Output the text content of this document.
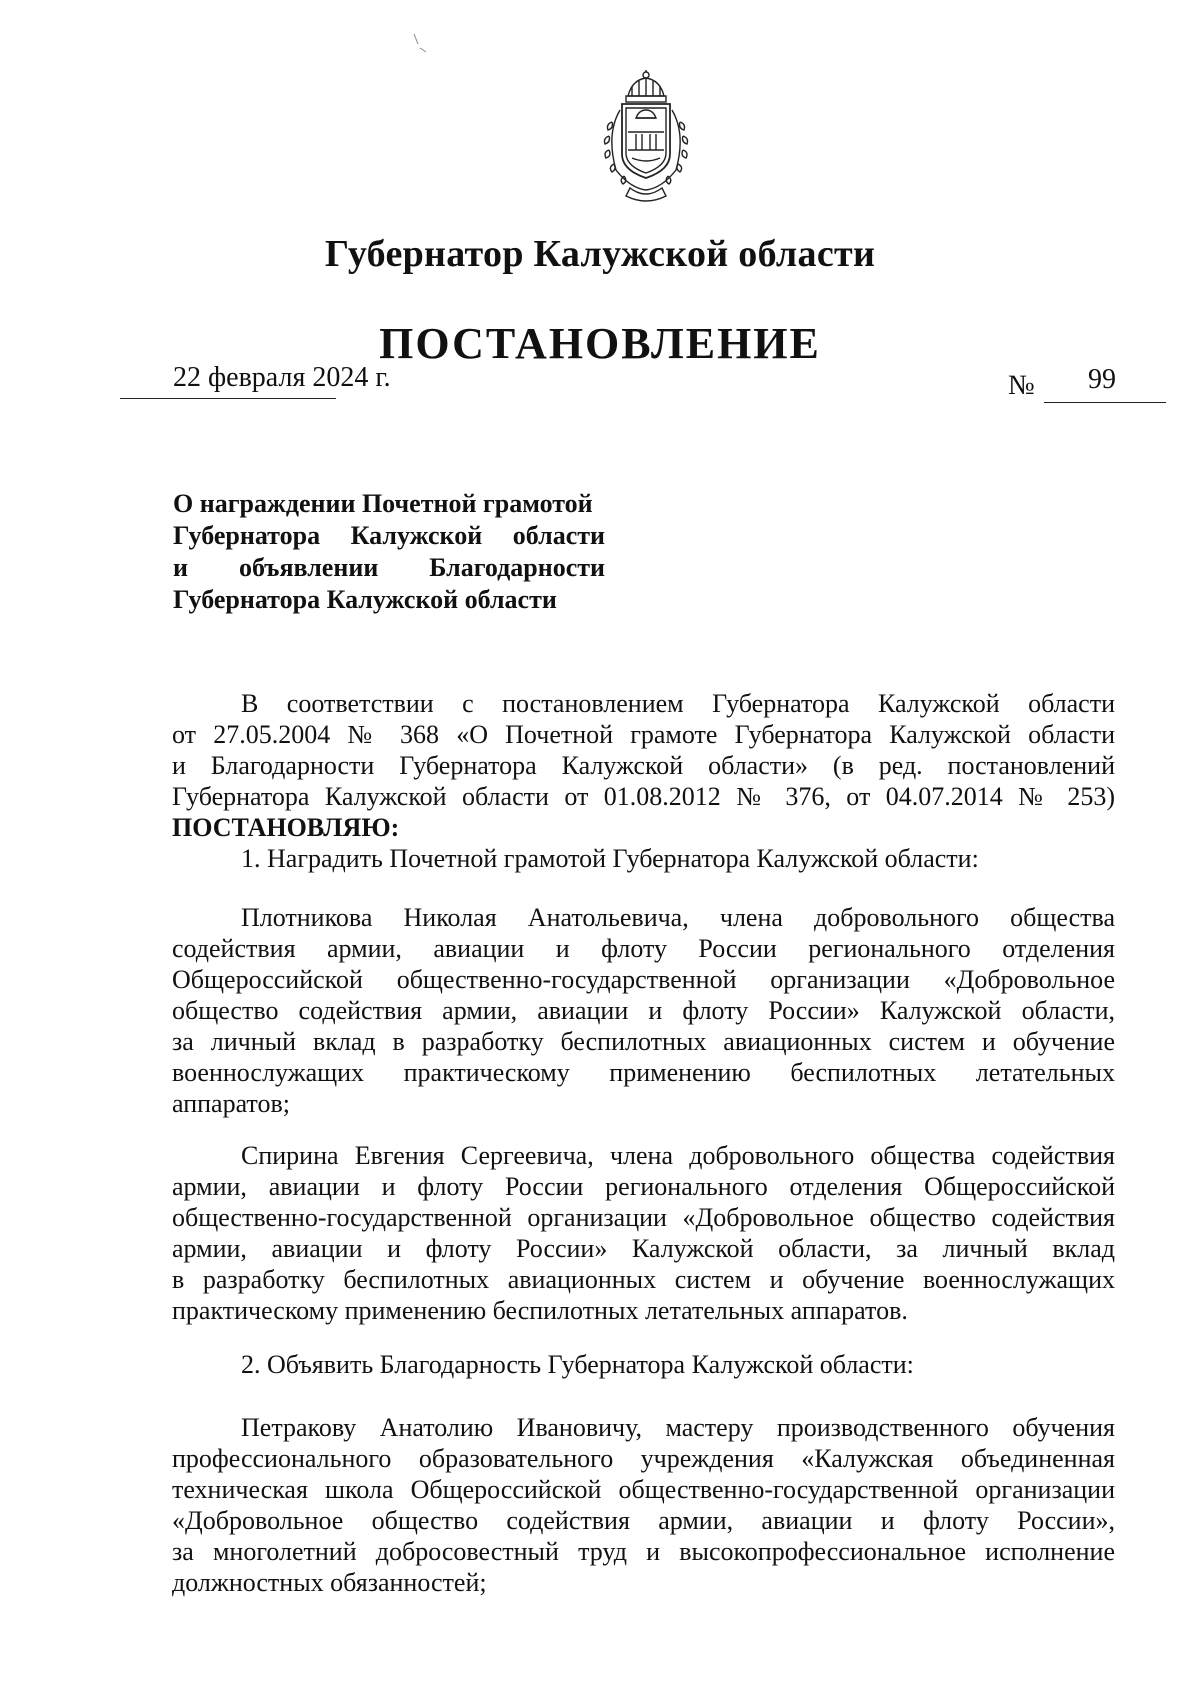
Губернатор Калужской области
ПОСТАНОВЛЕНИЕ
22 февраля 2024 г.	№ 99
О награждении Почетной грамотой
Губернатора Калужской области
и объявлении Благодарности
Губернатора Калужской области
В соответствии с постановлением Губернатора Калужской области
от 27.05.2004 № 368 «О Почетной грамоте Губернатора Калужской области
и Благодарности Губернатора Калужской области» (в ред. постановлений
Губернатора Калужской области от 01.08.2012 № 376, от 04.07.2014 № 253)
ПОСТАНОВЛЯЮ:
1. Наградить Почетной грамотой Губернатора Калужской области:
Плотникова Николая Анатольевича, члена добровольного общества
содействия армии, авиации и флоту России регионального отделения
Общероссийской общественно-государственной организации «Добровольное
общество содействия армии, авиации и флоту России» Калужской области,
за личный вклад в разработку беспилотных авиационных систем и обучение
военнослужащих практическому применению беспилотных летательных
аппаратов;
Спирина Евгения Сергеевича, члена добровольного общества содействия
армии, авиации и флоту России регионального отделения Общероссийской
общественно-государственной организации «Добровольное общество содействия
армии, авиации и флоту России» Калужской области, за личный вклад
в разработку беспилотных авиационных систем и обучение военнослужащих
практическому применению беспилотных летательных аппаратов.
2. Объявить Благодарность Губернатора Калужской области:
Петракову Анатолию Ивановичу, мастеру производственного обучения
профессионального образовательного учреждения «Калужская объединенная
техническая школа Общероссийской общественно-государственной организации
«Добровольное общество содействия армии, авиации и флоту России»,
за многолетний добросовестный труд и высокопрофессиональное исполнение
должностных обязанностей;
